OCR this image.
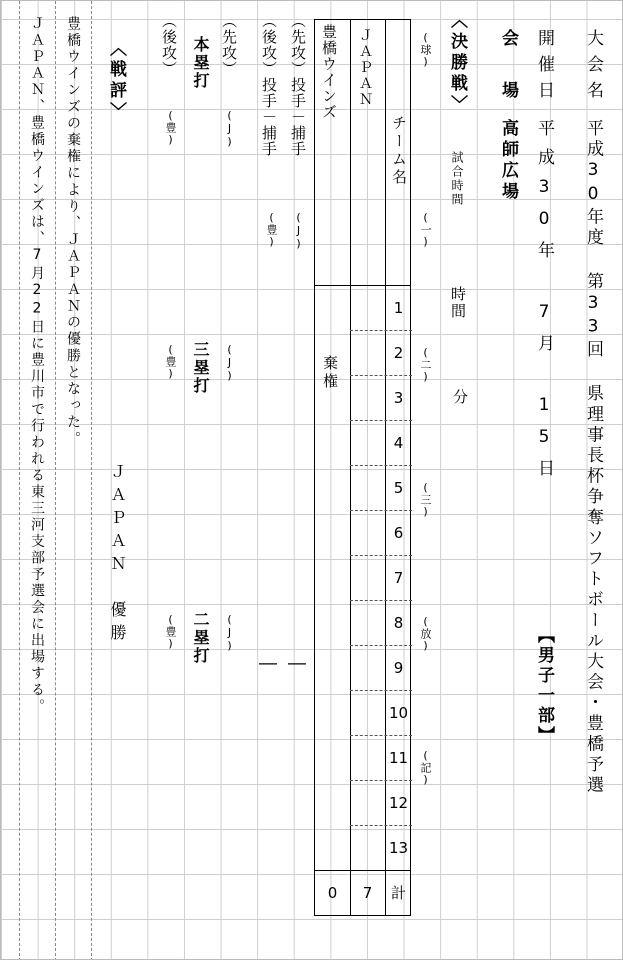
大会名
平成30年度 第33回 県理事長杯争奪ソフトボール大会・豊橋予選
開催日
平成30年 7月 15日
【男子一部】
会　場
高師広場
〈決勝戦〉
試合時間
時間
分
(球)
(一)
(二)
(三)
(放)
(記)
チーム名
ＪＡＰＡＮ
豊橋ウインズ
棄権
1
2
3
4
5
6
7
8
9
10
11
12
13
計
7
0
（先攻）投手－捕手
(J)
―
（後攻）投手－捕手
(豊)
―
（先攻）
(J)
(J)
(J)
本塁打
三塁打
二塁打
（後攻）
(豊)
(豊)
(豊)
〈戦評〉
ＪＡＰＡＮ　優勝
豊橋ウインズの棄権により、ＪＡＰＡＮの優勝となった。
ＪＡＰＡＮ、豊橋ウインズは、7月22日に豊川市で行われる東三河支部予選会に出場する。
